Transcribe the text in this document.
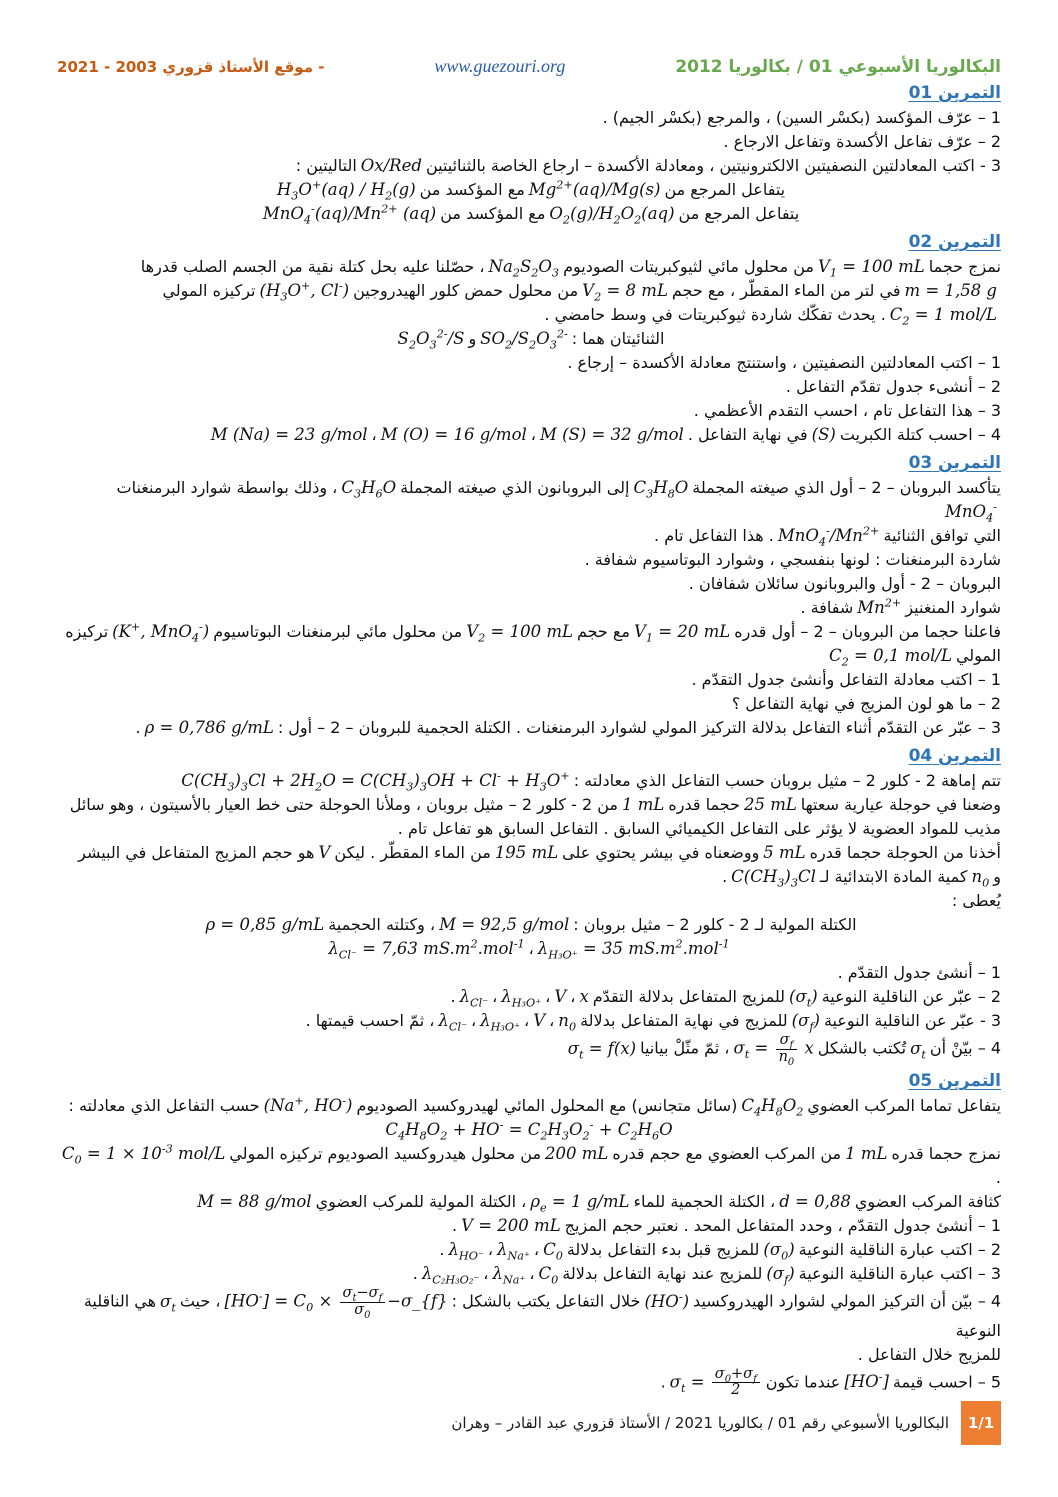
البكالوريا الأسبوعي 01 / بكالوريا 2012
www.guezouri.org
- موقع الأستاذ قزوري 2003 - 2021
التمرين 01
1 – عرّف المؤكسد (بكسْر السين) ، والمرجع (بكسْر الجيم) .
2 – عرّف تفاعل الأكسدة وتفاعل الارجاع .
3 - اكتب المعادلتين النصفيتين الالكترونيتين ، ومعادلة الأكسدة – ارجاع الخاصة بالثنائيتينOx/Redالتاليتين :
يتفاعل المرجع منMg$^{2+}$(aq)/Mg(s)مع المؤكسد منH$_3$O+(aq) / $H_2(g)$
يتفاعل المرجع $منO_2(g)/H_2O_2(aq)مع$ المؤكسد $منMnO_4^-(aq)/Mn^{2+}$ (aq)
التمرين 02
نمزج حجماV$_1$ = 100 mLمن محلول مائي لثيوكبريتات $الصوديومNa_2S_2O_3،$ حصّلنا عليه بحل كتلة نقية من الجسم الصلب قدرها
m = 1,58 gفي لتر من الماء المقطّر ، مع حجمV$_2$ = 8 mLمن محلول حمض كلور $الهيدروجين(H_3O^+$, Cl-)تركيزه المولي
$C_2 = 1$ mol/L. يحدث تفكّك شاردة ثيوكبريتات في وسط حامضي .
الثنائيتان هما $:SO_2/S_2O_3^{2-}وS_2O_3^{2-}/S$
1 – اكتب المعادلتين النصفيتين ، واستنتج معادلة الأكسدة – إرجاع .
2 – أنشىء جدول تقدّم التفاعل .
3 – هذا التفاعل تام ، احسب التقدم الأعظمي .
4 – احسب كتلة الكبريت(S)في نهاية التفاعل .M (S) = 32 g/mol،M (O) = 16 g/mol،M (Na) = 23 g/mol
التمرين 03
يتأكسد البروبان – 2 – أول الذي صيغته $المجملةC_3H_8Oإلى$ البروبانون الذي صيغته $المجملةC_3H_6O،$ وذلك بواسطة شوارد البرمنغناتMnO$_4$-
التي توافق $الثنائيةMnO_4^-/Mn^{2+}$. هذا التفاعل تام .
شاردة البرمنغنات : لونها بنفسجي ، وشوارد البوتاسيوم شفافة .
البروبان – 2 - أول والبروبانون سائلان شفافان .
شوارد المنغنيزMn$^{2+}$شفافة .
فاعلنا حجما من البروبان – 2 – أول قدرهV$_1$ = 20 mLمع حجمV$_2$ = 100 mLمن محلول مائي لبرمنغنات البوتاسيوم(K+, MnO$_4$-)تركيزه
الموليC$_2$ = 0,1 mol/L
1 – اكتب معادلة التفاعل وأنشئ جدول التقدّم .
2 – ما هو لون المزيج في نهاية التفاعل ؟
3 – عبّر عن التقدّم أثناء التفاعل بدلالة التركيز المولي لشوارد البرمنغنات . الكتلة الحجمية للبروبان – 2 – أول :ρ = 0,786 g/mL.
التمرين 04
تتم إماهة 2 - كلور 2 – مثيل بروبان حسب التفاعل الذي معادلته $:C(CH_3)_3Cl + 2H_2O = C(CH_3)_3OH + Cl^- + H_3O^+$
وضعنا في حوجلة عيارية سعتها25 mLحجما قدره1 mLمن 2 - كلور 2 – مثيل بروبان ، وملأنا الحوجلة حتى خط العيار بالأسيتون ، وهو سائل
مذيب للمواد العضوية لا يؤثر على التفاعل الكيميائي السابق . التفاعل السابق هو تفاعل تام .
أخذنا من الحوجلة حجما قدره5 mLووضعناه في بيشر يحتوي على195 mLمن الماء المقطّر . ليكنVهو حجم المزيج المتفاعل في البيشر
وn$_0$كمية المادة الابتدائية $لـC(CH_3)_3Cl$.
يُعطى :
الكتلة المولية لـ 2 - كلور 2 – مثيل بروبان :M = 92,5 g/mol، وكتلته الحجميةρ = 0,85 g/mL
$\lambda_{H_3O^+} = 35$ $mS.m^2.mol^{-1}،\lambda_{Cl^-} = 7,63$ $mS.m^2.mol^{-1}$
1 – أنشئ جدول التقدّم .
2 – عبّر عن الناقلية $النوعية(\sigma_t)للمزيج$ المتفاعل بدلالة $التقدّمx،V،\lambda_{H_3O^+}،\lambda_{Cl^-}$.
3 - عبّر عن الناقلية $النوعية(\sigma_f)للمزيج$ في نهاية المتفاعل $بدلالةn_0،V،\lambda_{H_3O^+}،\lambda_{Cl^-}،$ ثمّ احسب قيمتها .
4 – بيّنْ أنσ$_t$تُكتب بالشكلσ$_t$ = $\frac{\sigma_f}{n_0}$ x، ثمّ مثّلْ بيانياσ$_t$ = f(x)
التمرين 05
يتفاعل تماما المركب $العضويC_4H_8O_2(سائل$ متجانس) مع المحلول المائي لهيدروكسيد الصوديوم(Na+, HO-)حسب التفاعل الذي معادلته :
$C_4H_8O_2 + HO^- = C_2H_3O_2^- + C_2H_6O$
نمزج حجما قدره1 mLمن المركب العضوي مع حجم قدره200 mLمن محلول هيدروكسيد الصوديوم تركيزه الموليC$_0$ = $1 \times 10^{-3}$ mol/L.
كثافة المركب العضويd = 0,88، الكتلة الحجمية للماءρ$_e$ = 1 g/mL، الكتلة المولية للمركب العضويM = 88 g/mol
1 – أنشئ جدول التقدّم ، وحدد المتفاعل المحد . نعتبر حجم المزيجV = 200 mL.
2 – اكتب عبارة الناقلية $النوعية(\sigma_0)للمزيج$ قبل بدء التفاعل $بدلالةC_0،\lambda_{Na^+}،\lambda_{HO^-}$.
3 – اكتب عبارة الناقلية $النوعية(\sigma_f)للمزيج$ عند نهاية التفاعل $بدلالةC_0،\lambda_{Na^+}،\lambda_{C_2H_3O_2^-}$.
4 – بيّن أن التركيز المولي لشوارد الهيدروكسيد(HO-)خلال التفاعل يكتب بالشكل :[HO-] = $C_0 \times \frac{\sigma_t-\sigma_f}{\sigma_0}$ −σ_{f}، حيثσ$_t$هي الناقلية النوعية
للمزيج خلال التفاعل .
5 – احسب قيمة[HO-]عندما تكونσ$_t$ = $\frac{\sigma_0+\sigma_f}{2}$
.
1/1
البكالوريا الأسبوعي رقم 01 / بكالوريا 2021 / الأستاذ قزوري عبد القادر – وهران
